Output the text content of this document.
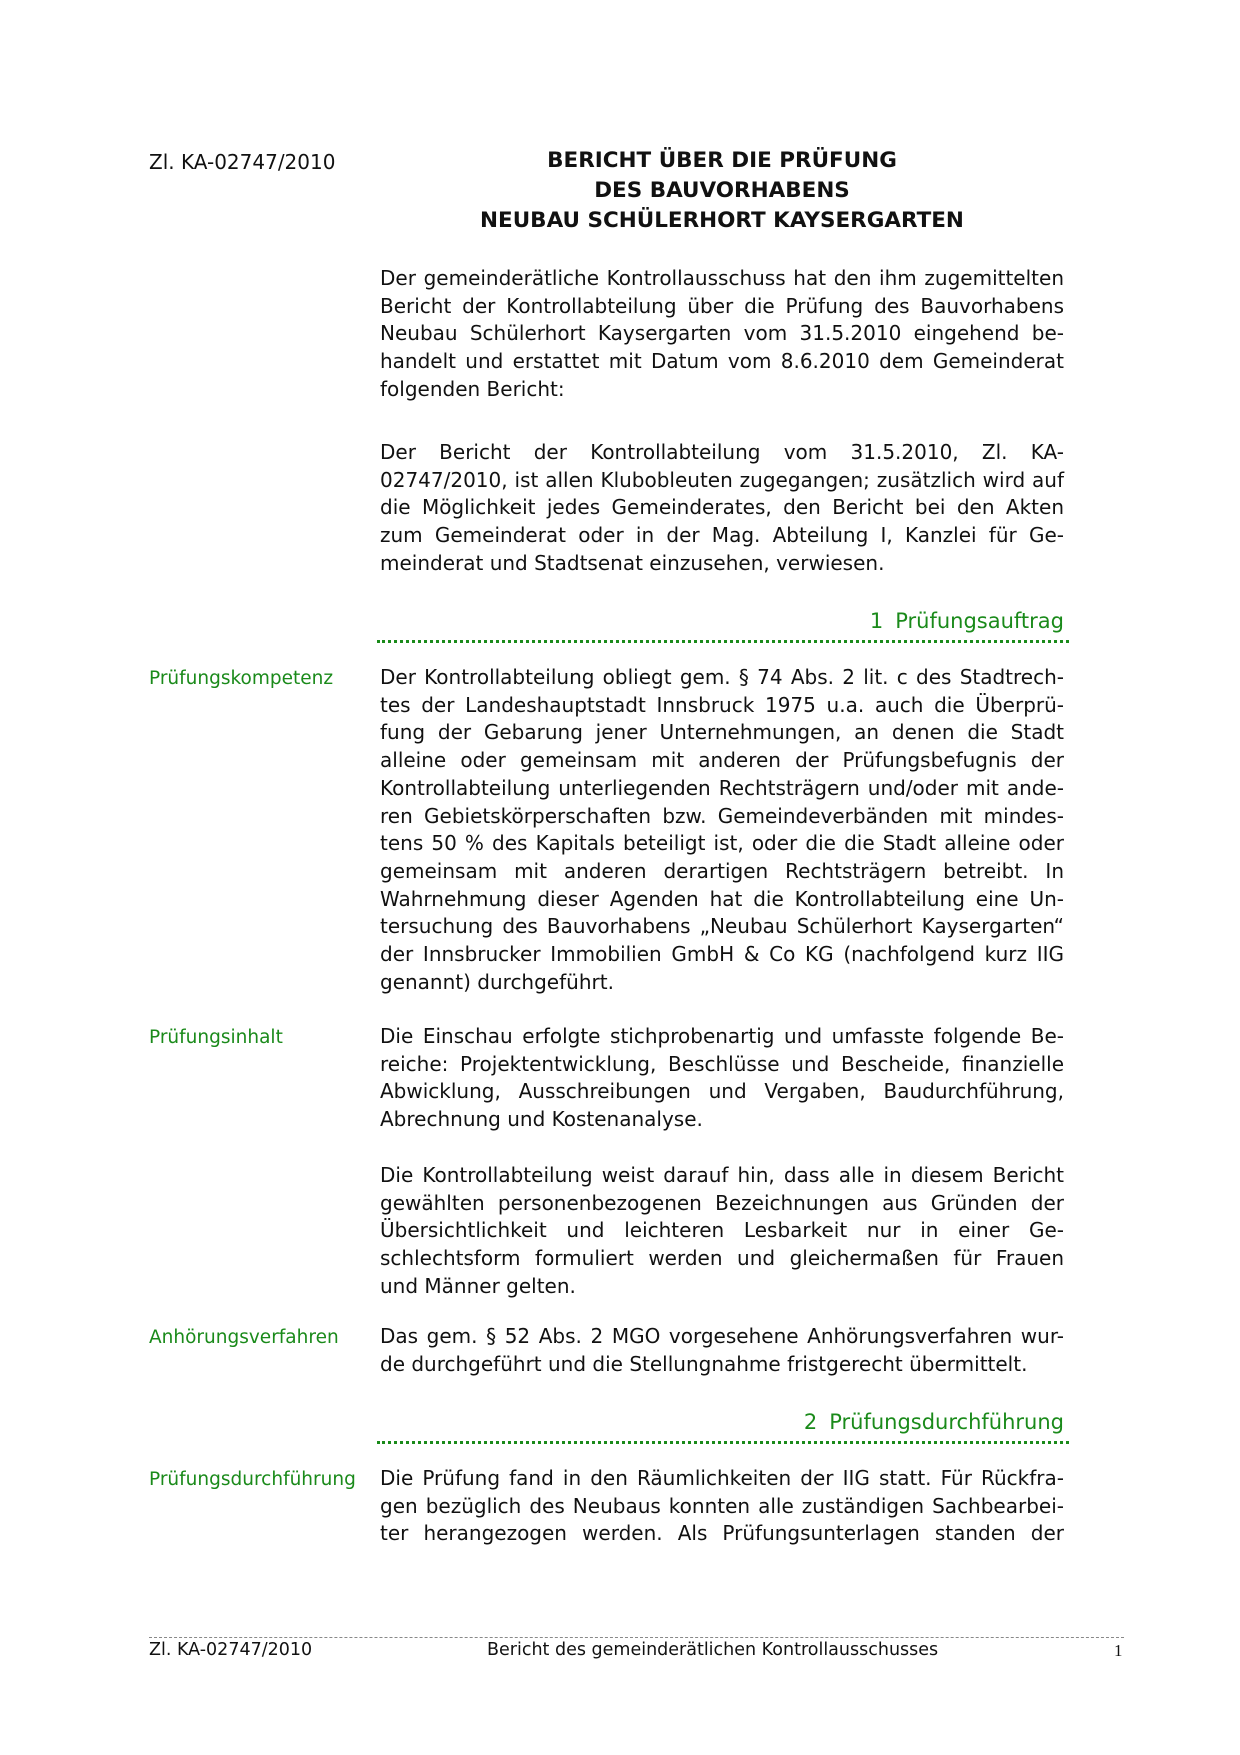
Zl. KA-02747/2010	BERICHT ÜBER DIE PRÜFUNG
DES BAUVORHABENS
NEUBAU SCHÜLERHORT KAYSERGARTEN
Der gemeinderätliche Kontrollausschuss hat den ihm zugemittelten
Bericht der Kontrollabteilung über die Prüfung des Bauvorhabens
Neubau Schülerhort Kaysergarten vom 31.5.2010 eingehend be-
handelt und erstattet mit Datum vom 8.6.2010 dem Gemeinderat
folgenden Bericht:
Der Bericht der Kontrollabteilung vom 31.5.2010, Zl. KA-
02747/2010, ist allen Klubobleuten zugegangen; zusätzlich wird auf
die Möglichkeit jedes Gemeinderates, den Bericht bei den Akten
zum Gemeinderat oder in der Mag. Abteilung I, Kanzlei für Ge-
meinderat und Stadtsenat einzusehen, verwiesen.
1 Prüfungsauftrag
Prüfungskompetenz Der Kontrollabteilung obliegt gem. § 74 Abs. 2 lit. c des Stadtrech-
tes der Landeshauptstadt Innsbruck 1975 u.a. auch die Überprü-
fung der Gebarung jener Unternehmungen, an denen die Stadt
alleine oder gemeinsam mit anderen der Prüfungsbefugnis der
Kontrollabteilung unterliegenden Rechtsträgern und/oder mit ande-
ren Gebietskörperschaften bzw. Gemeindeverbänden mit mindes-
tens 50 % des Kapitals beteiligt ist, oder die die Stadt alleine oder
gemeinsam mit anderen derartigen Rechtsträgern betreibt. In
Wahrnehmung dieser Agenden hat die Kontrollabteilung eine Un-
tersuchung des Bauvorhabens „Neubau Schülerhort Kaysergarten“
der Innsbrucker Immobilien GmbH & Co KG (nachfolgend kurz IIG
genannt) durchgeführt.
Prüfungsinhalt	Die Einschau erfolgte stichprobenartig und umfasste folgende Be-
reiche: Projektentwicklung, Beschlüsse und Bescheide, finanzielle
Abwicklung, Ausschreibungen und Vergaben, Baudurchführung,
Abrechnung und Kostenanalyse.
Die Kontrollabteilung weist darauf hin, dass alle in diesem Bericht
gewählten personenbezogenen Bezeichnungen aus Gründen der
Übersichtlichkeit und leichteren Lesbarkeit nur in einer Ge-
schlechtsform formuliert werden und gleichermaßen für Frauen
und Männer gelten.
Anhörungsverfahren Das gem. § 52 Abs. 2 MGO vorgesehene Anhörungsverfahren wur-
de durchgeführt und die Stellungnahme fristgerecht übermittelt.
2 Prüfungsdurchführung
Prüfungsdurchführung Die Prüfung fand in den Räumlichkeiten der IIG statt. Für Rückfra-
gen bezüglich des Neubaus konnten alle zuständigen Sachbearbei-
ter herangezogen werden. Als Prüfungsunterlagen standen der
Zl. KA-02747/2010	Bericht des gemeinderätlichen Kontrollausschusses	1
